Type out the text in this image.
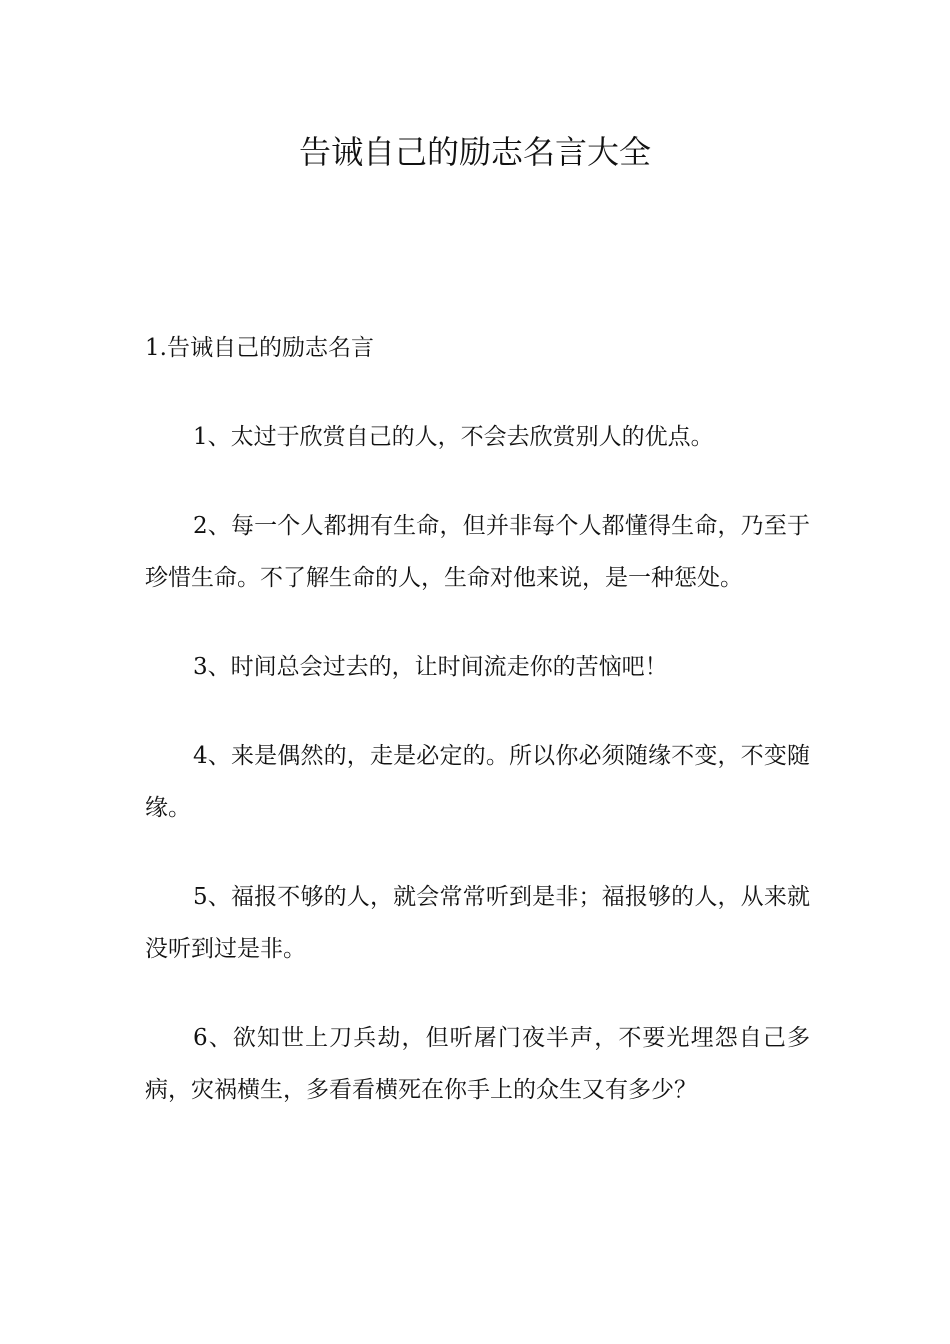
告诫自己的励志名言大全

1.告诫自己的励志名言

1、太过于欣赏自己的人，不会去欣赏别人的优点。

2、每一个人都拥有生命，但并非每个人都懂得生命，乃至于珍惜生命。不了解生命的人，生命对他来说，是一种惩处。

3、时间总会过去的，让时间流走你的苦恼吧！

4、来是偶然的，走是必定的。所以你必须随缘不变，不变随缘。

5、福报不够的人，就会常常听到是非；福报够的人，从来就没听到过是非。

6、欲知世上刀兵劫，但听屠门夜半声，不要光埋怨自己多病，灾祸横生，多看看横死在你手上的众生又有多少？
